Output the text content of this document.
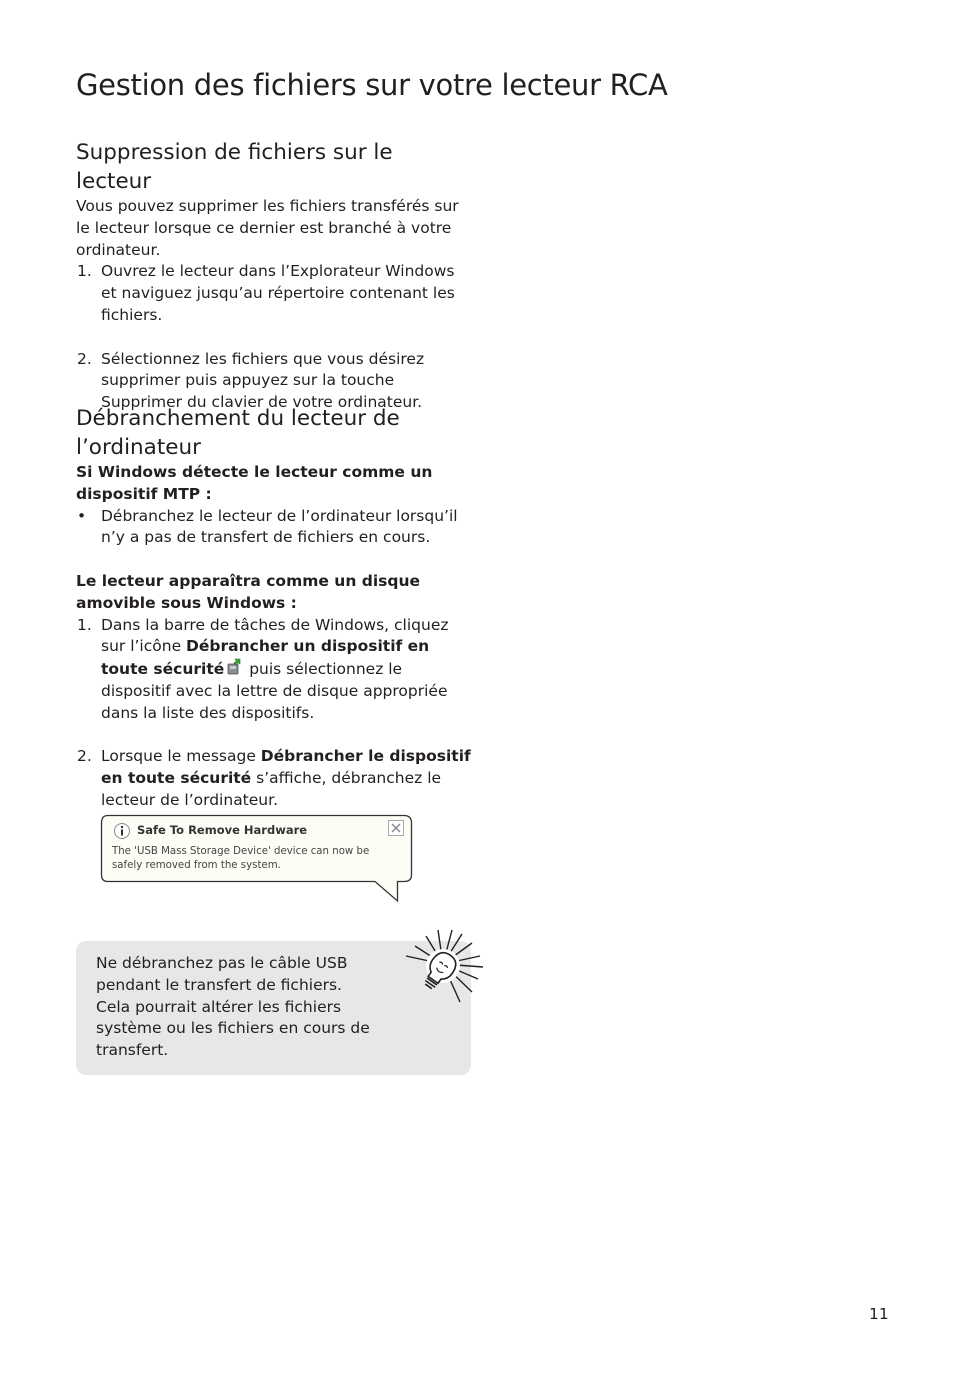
Gestion des fichiers sur votre lecteur RCA
Suppression de fichiers sur le lecteur

Vous pouvez supprimer les fichiers transférés sur le lecteur lorsque ce dernier est branché à votre ordinateur.

1. Ouvrez le lecteur dans l’Explorateur Windows et naviguez jusqu’au répertoire contenant les fichiers.
2. Sélectionnez les fichiers que vous désirez supprimer puis appuyez sur la touche Supprimer du clavier de votre ordinateur.
Débranchement du lecteur de l’ordinateur

Si Windows détecte le lecteur comme un dispositif MTP :

• Débranchez le lecteur de l’ordinateur lorsqu’il n’y a pas de transfert de fichiers en cours.

Le lecteur apparaîtra comme un disque amovible sous Windows :

1. Dans la barre de tâches de Windows, cliquez sur l’icône Débrancher un dispositif en toute sécurité puis sélectionnez le dispositif avec la lettre de disque appropriée dans la liste des dispositifs.
2. Lorsque le message Débrancher le dispositif en toute sécurité s’affiche, débranchez le lecteur de l’ordinateur.
Safe To Remove Hardware
The 'USB Mass Storage Device' device can now be safely removed from the system.

Ne débranchez pas le câble USB pendant le transfert de fichiers. Cela pourrait altérer les fichiers système ou les fichiers en cours de transfert.

11
